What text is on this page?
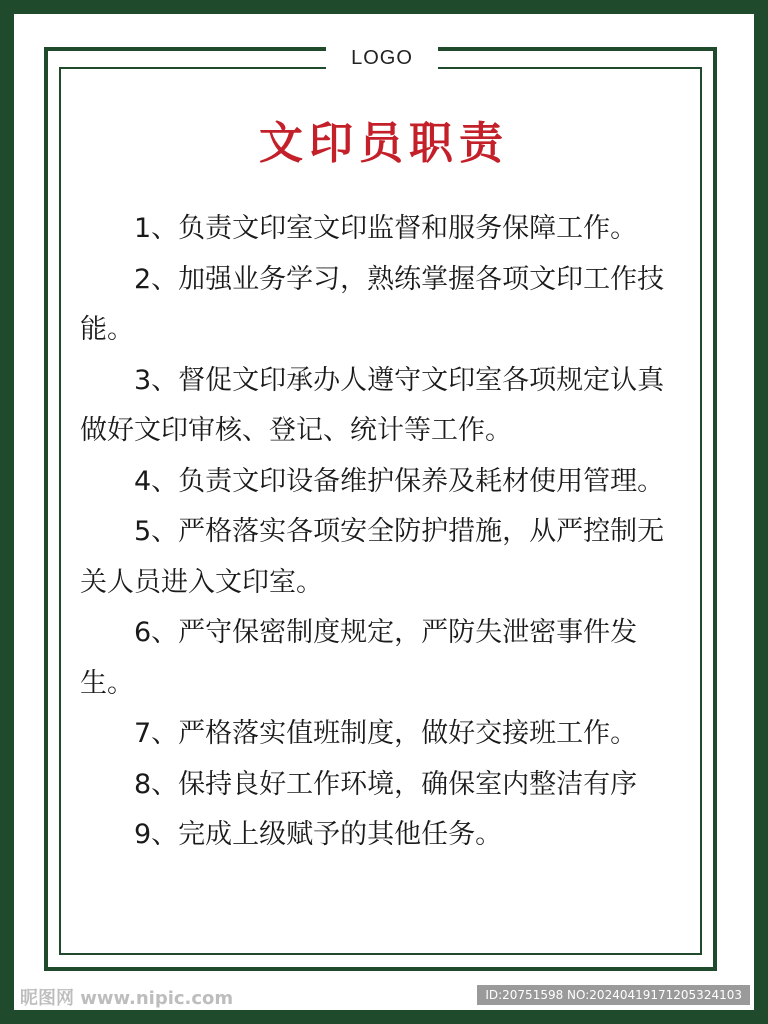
LOGO
文印员职责

1、负责文印室文印监督和服务保障工作。

2、加强业务学习，熟练掌握各项文印工作技能。

3、督促文印承办人遵守文印室各项规定认真做好文印审核、登记、统计等工作。

4、负责文印设备维护保养及耗材使用管理。

5、严格落实各项安全防护措施，从严控制无关人员进入文印室。

6、严守保密制度规定，严防失泄密事件发生。

7、严格落实值班制度，做好交接班工作。

8、保持良好工作环境，确保室内整洁有序

9、完成上级赋予的其他任务。

昵图网 www.nipic.com	ID:20751598 NO:20240419171205324103
